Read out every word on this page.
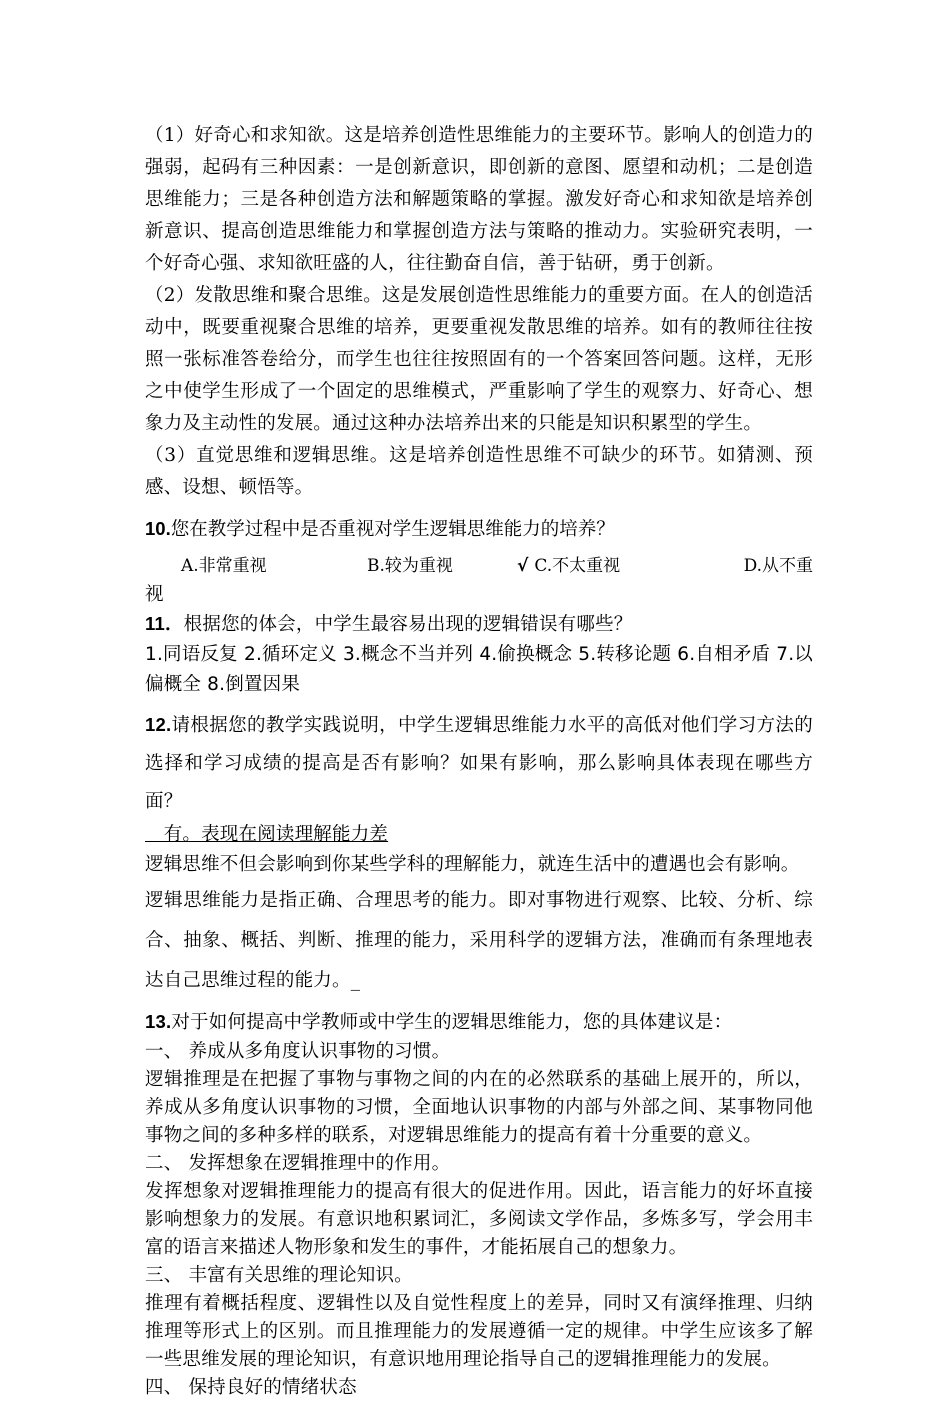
（1）好奇心和求知欲。这是培养创造性思维能力的主要环节。影响人的创造力的强弱，起码有三种因素：一是创新意识，即创新的意图、愿望和动机；二是创造思维能力；三是各种创造方法和解题策略的掌握。激发好奇心和求知欲是培养创新意识、提高创造思维能力和掌握创造方法与策略的推动力。实验研究表明，一个好奇心强、求知欲旺盛的人，往往勤奋自信，善于钻研，勇于创新。

（2）发散思维和聚合思维。这是发展创造性思维能力的重要方面。在人的创造活动中，既要重视聚合思维的培养，更要重视发散思维的培养。如有的教师往往按照一张标准答卷给分，而学生也往往按照固有的一个答案回答问题。这样，无形之中使学生形成了一个固定的思维模式，严重影响了学生的观察力、好奇心、想象力及主动性的发展。通过这种办法培养出来的只能是知识积累型的学生。

（3）直觉思维和逻辑思维。这是培养创造性思维不可缺少的环节。如猜测、预感、设想、顿悟等。

10.您在教学过程中是否重视对学生逻辑思维能力的培养？
A.非常重视	B.较为重视	√ C.不太重视	D.从不重
视
11．根据您的体会，中学生最容易出现的逻辑错误有哪些？

1.同语反复 2.循环定义 3.概念不当并列 4.偷换概念 5.转移论题 6.自相矛盾 7.以偏概全 8.倒置因果

12.请根据您的教学实践说明，中学生逻辑思维能力水平的高低对他们学习方法的选择和学习成绩的提高是否有影响？如果有影响，那么影响具体表现在哪些方面？

　有。表现在阅读理解能力差

逻辑思维不但会影响到你某些学科的理解能力，就连生活中的遭遇也会有影响。

逻辑思维能力是指正确、合理思考的能力。即对事物进行观察、比较、分析、综合、抽象、概括、判断、推理的能力，采用科学的逻辑方法，准确而有条理地表达自己思维过程的能力。_

13.对于如何提高中学教师或中学生的逻辑思维能力，您的具体建议是：

一、 养成从多角度认识事物的习惯。

逻辑推理是在把握了事物与事物之间的内在的必然联系的基础上展开的，所以，养成从多角度认识事物的习惯，全面地认识事物的内部与外部之间、某事物同他事物之间的多种多样的联系，对逻辑思维能力的提高有着十分重要的意义。

二、 发挥想象在逻辑推理中的作用。

发挥想象对逻辑推理能力的提高有很大的促进作用。因此，语言能力的好坏直接影响想象力的发展。有意识地积累词汇，多阅读文学作品，多炼多写，学会用丰富的语言来描述人物形象和发生的事件，才能拓展自己的想象力。

三、 丰富有关思维的理论知识。

推理有着概括程度、逻辑性以及自觉性程度上的差异，同时又有演绎推理、归纳推理等形式上的区别。而且推理能力的发展遵循一定的规律。中学生应该多了解一些思维发展的理论知识，有意识地用理论指导自己的逻辑推理能力的发展。

四、 保持良好的情绪状态
